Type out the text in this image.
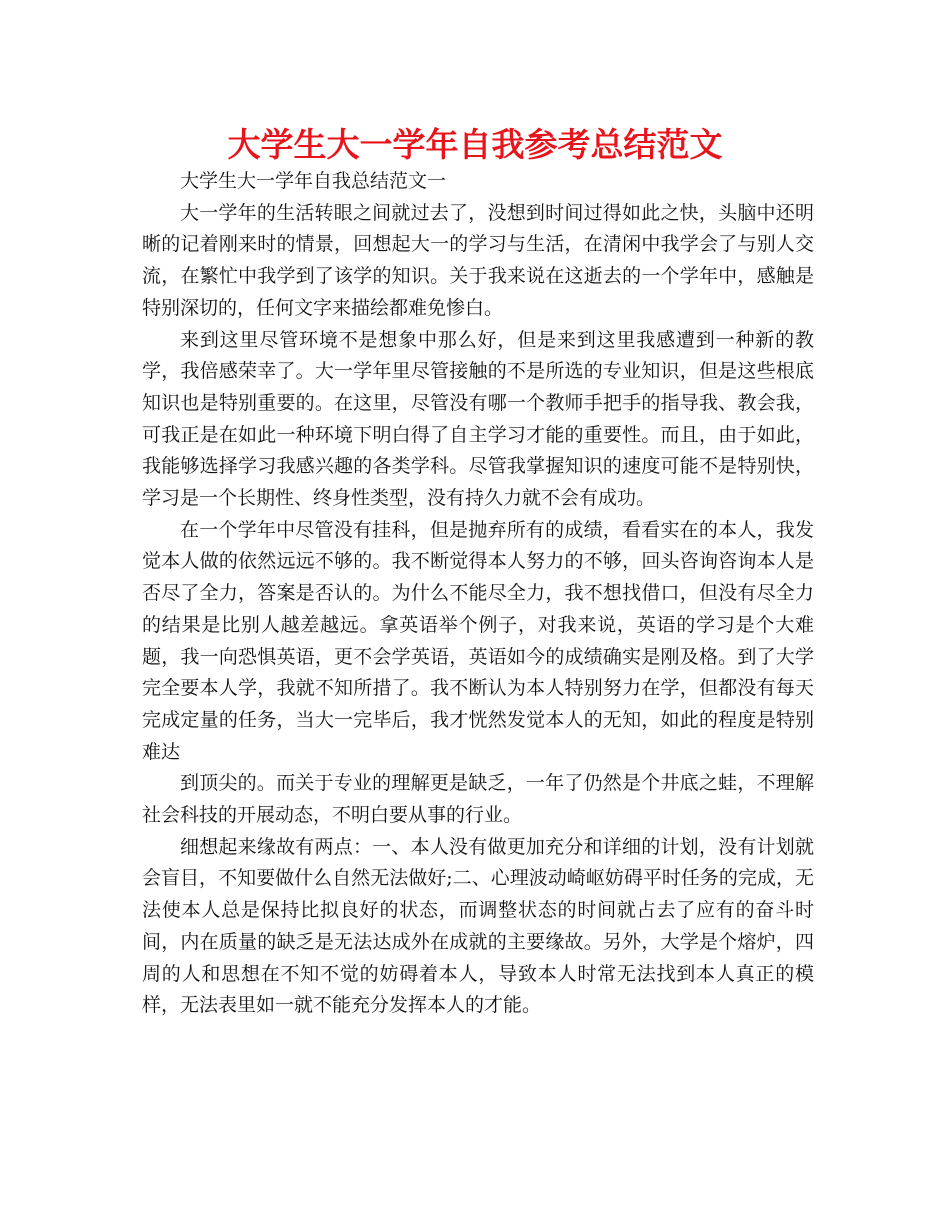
大学生大一学年自我参考总结范文

大学生大一学年自我总结范文一

大一学年的生活转眼之间就过去了，没想到时间过得如此之快，头脑中还明晰的记着刚来时的情景，回想起大一的学习与生活，在清闲中我学会了与别人交流，在繁忙中我学到了该学的知识。关于我来说在这逝去的一个学年中，感触是特别深切的，任何文字来描绘都难免惨白。

来到这里尽管环境不是想象中那么好，但是来到这里我感遭到一种新的教学，我倍感荣幸了。大一学年里尽管接触的不是所选的专业知识，但是这些根底知识也是特别重要的。在这里，尽管没有哪一个教师手把手的指导我、教会我，可我正是在如此一种环境下明白得了自主学习才能的重要性。而且，由于如此，我能够选择学习我感兴趣的各类学科。尽管我掌握知识的速度可能不是特别快，学习是一个长期性、终身性类型，没有持久力就不会有成功。

在一个学年中尽管没有挂科，但是抛弃所有的成绩，看看实在的本人，我发觉本人做的依然远远不够的。我不断觉得本人努力的不够，回头咨询咨询本人是否尽了全力，答案是否认的。为什么不能尽全力，我不想找借口，但没有尽全力的结果是比别人越差越远。拿英语举个例子，对我来说，英语的学习是个大难题，我一向恐惧英语，更不会学英语，英语如今的成绩确实是刚及格。到了大学完全要本人学，我就不知所措了。我不断认为本人特别努力在学，但都没有每天完成定量的任务，当大一完毕后，我才恍然发觉本人的无知，如此的程度是特别难达

到顶尖的。而关于专业的理解更是缺乏，一年了仍然是个井底之蛙，不理解社会科技的开展动态，不明白要从事的行业。

细想起来缘故有两点：一、本人没有做更加充分和详细的计划，没有计划就会盲目，不知要做什么自然无法做好;二、心理波动崎岖妨碍平时任务的完成，无法使本人总是保持比拟良好的状态，而调整状态的时间就占去了应有的奋斗时间，内在质量的缺乏是无法达成外在成就的主要缘故。另外，大学是个熔炉，四周的人和思想在不知不觉的妨碍着本人，导致本人时常无法找到本人真正的模样，无法表里如一就不能充分发挥本人的才能。
